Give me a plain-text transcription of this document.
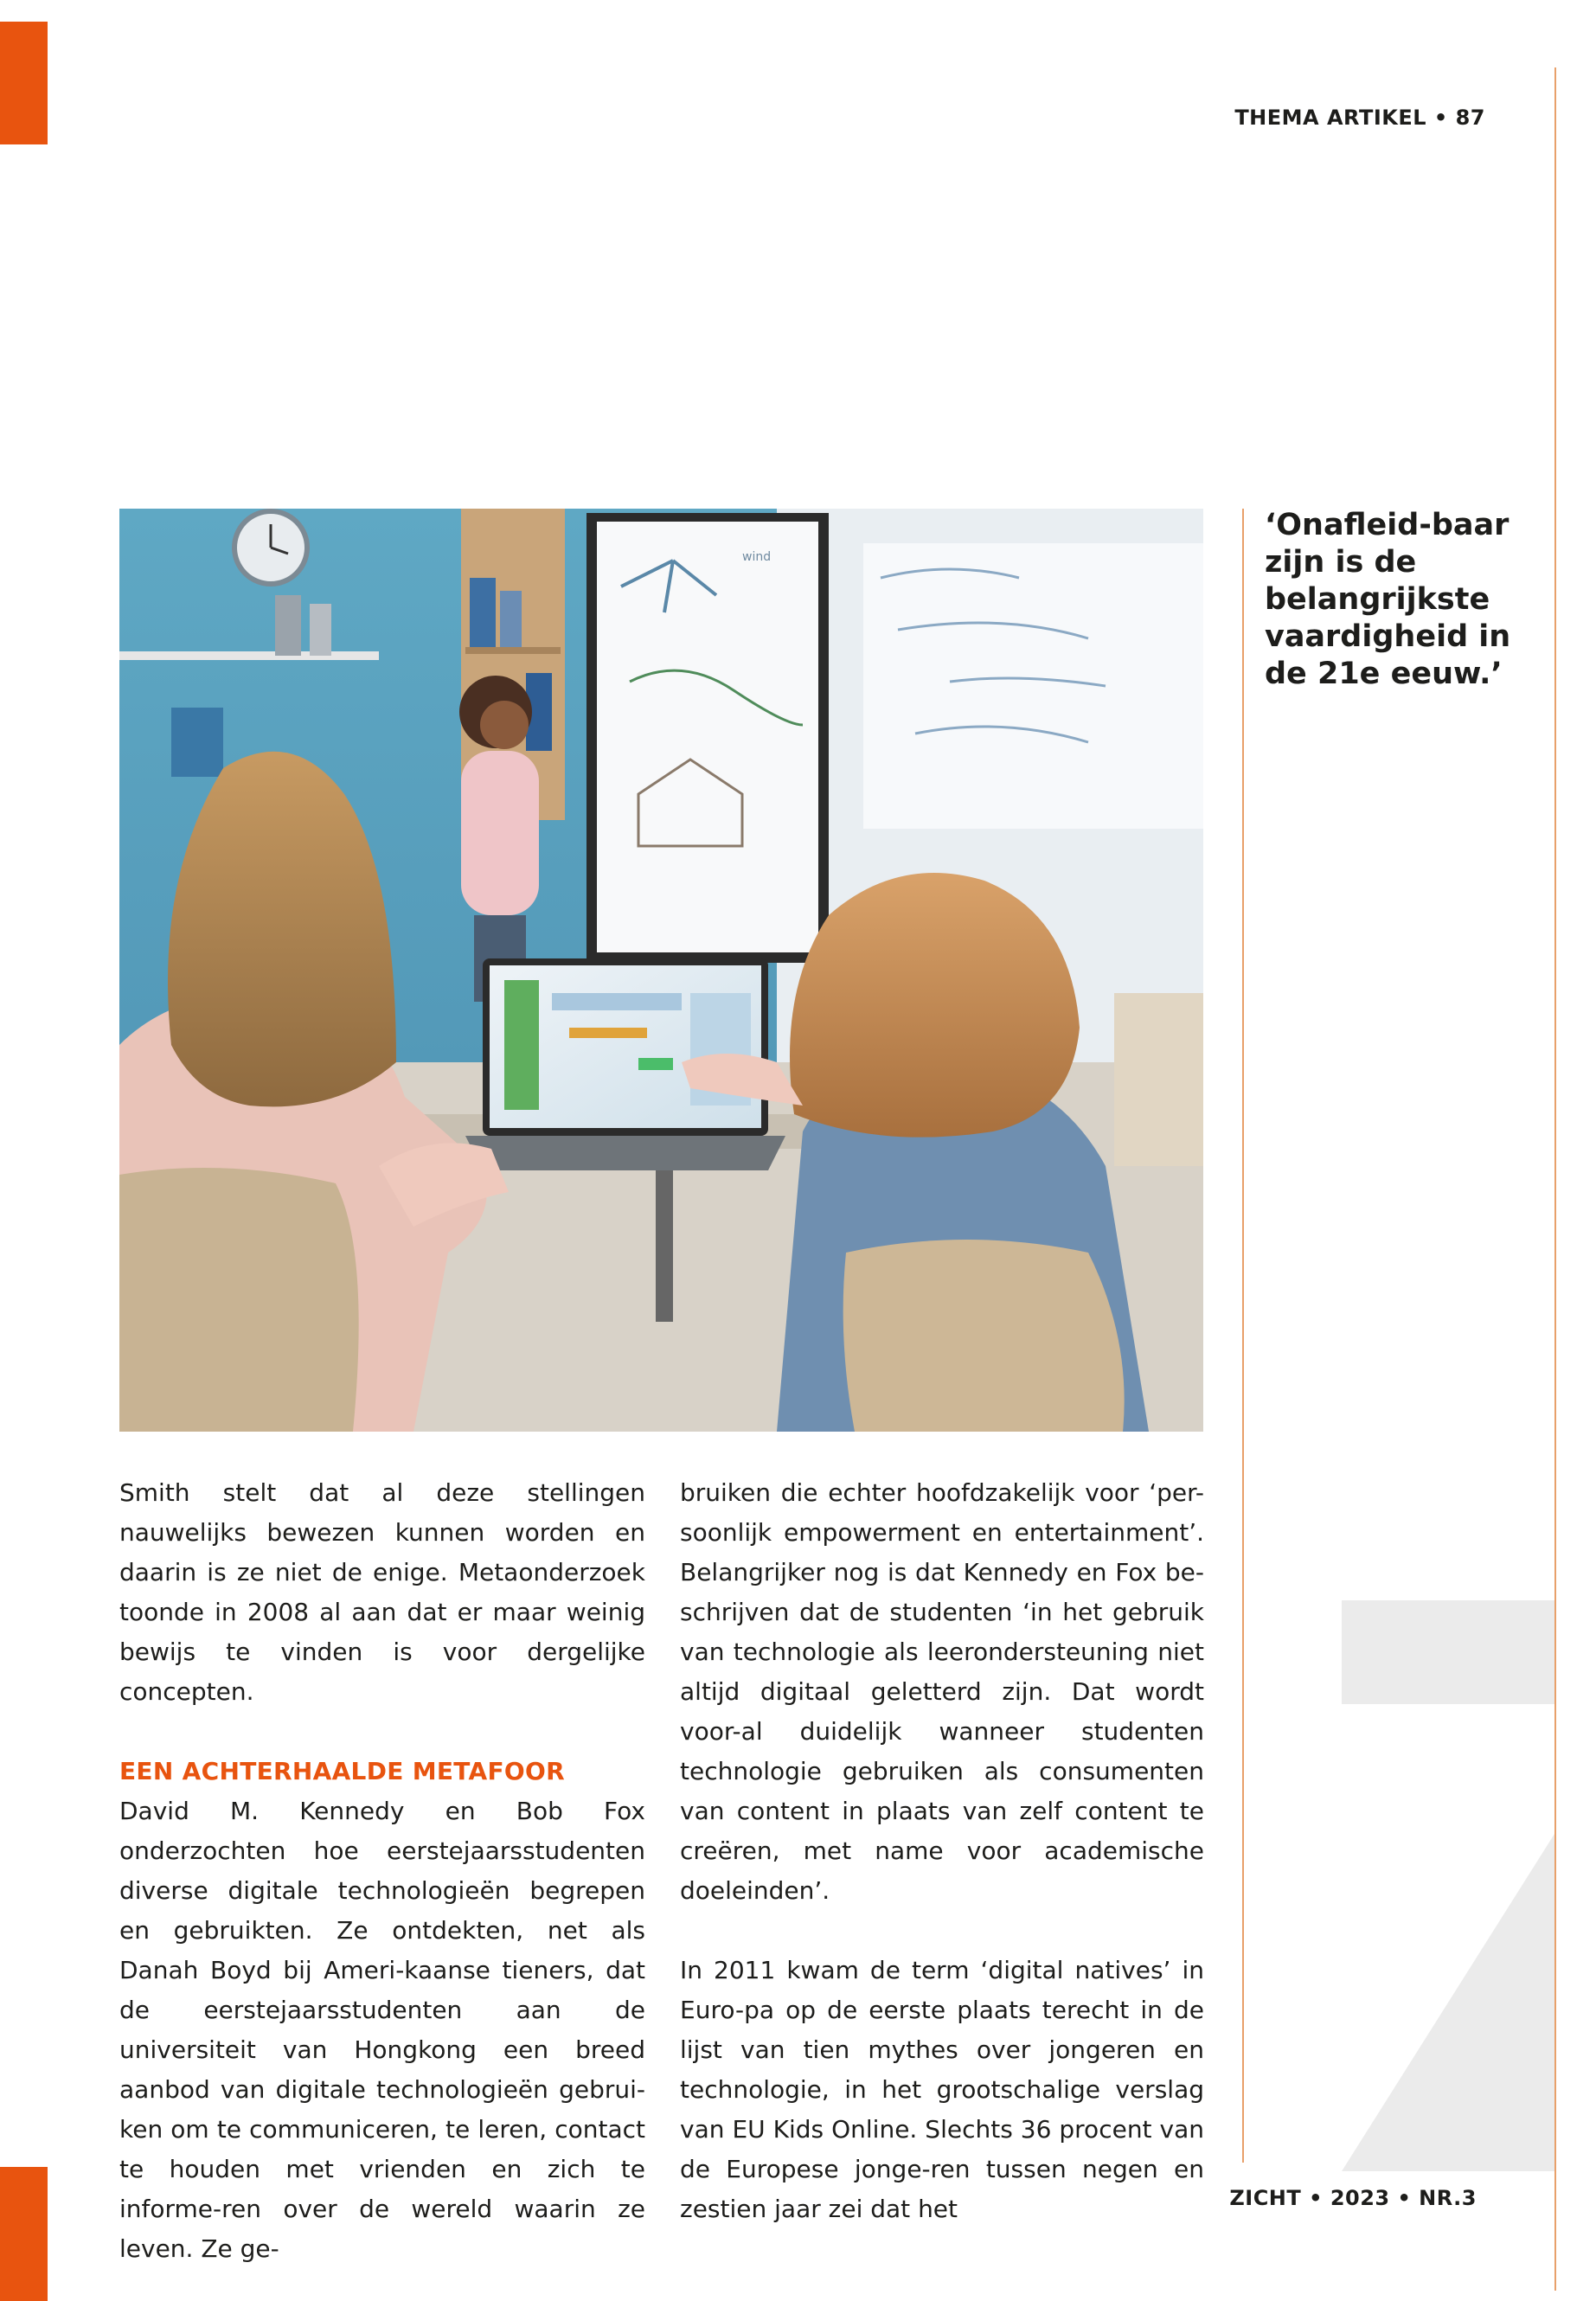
THEMA ARTIKEL • 87
wind
‘Onafleid-baar zijn is de belangrijkste vaardigheid in de 21e eeuw.’

Smith stelt dat al deze stellingen nauwelijks bewezen kunnen worden en daarin is ze niet de enige. Metaonderzoek toonde in 2008 al aan dat er maar weinig bewijs te vinden is voor dergelijke concepten.

EEN ACHTERHAALDE METAFOOR

David M. Kennedy en Bob Fox onderzochten hoe eerstejaarsstudenten diverse digitale technologieën begrepen en gebruikten. Ze ontdekten, net als Danah Boyd bij Ameri-kaanse tieners, dat de eerstejaarsstudenten aan de universiteit van Hongkong een breed aanbod van digitale technologieën gebrui-ken om te communiceren, te leren, contact te houden met vrienden en zich te informe-ren over de wereld waarin ze leven. Ze ge-

bruiken die echter hoofdzakelijk voor ‘per-soonlijk empowerment en entertainment’. Belangrijker nog is dat Kennedy en Fox be-schrijven dat de studenten ‘in het gebruik van technologie als leerondersteuning niet altijd digitaal geletterd zijn. Dat wordt voor-al duidelijk wanneer studenten technologie gebruiken als consumenten van content in plaats van zelf content te creëren, met name voor academische doeleinden’.

In 2011 kwam de term ‘digital natives’ in Euro-pa op de eerste plaats terecht in de lijst van tien mythes over jongeren en technologie, in het grootschalige verslag van EU Kids Online. Slechts 36 procent van de Europese jonge-ren tussen negen en zestien jaar zei dat het	ZICHT • 2023 • NR.3
